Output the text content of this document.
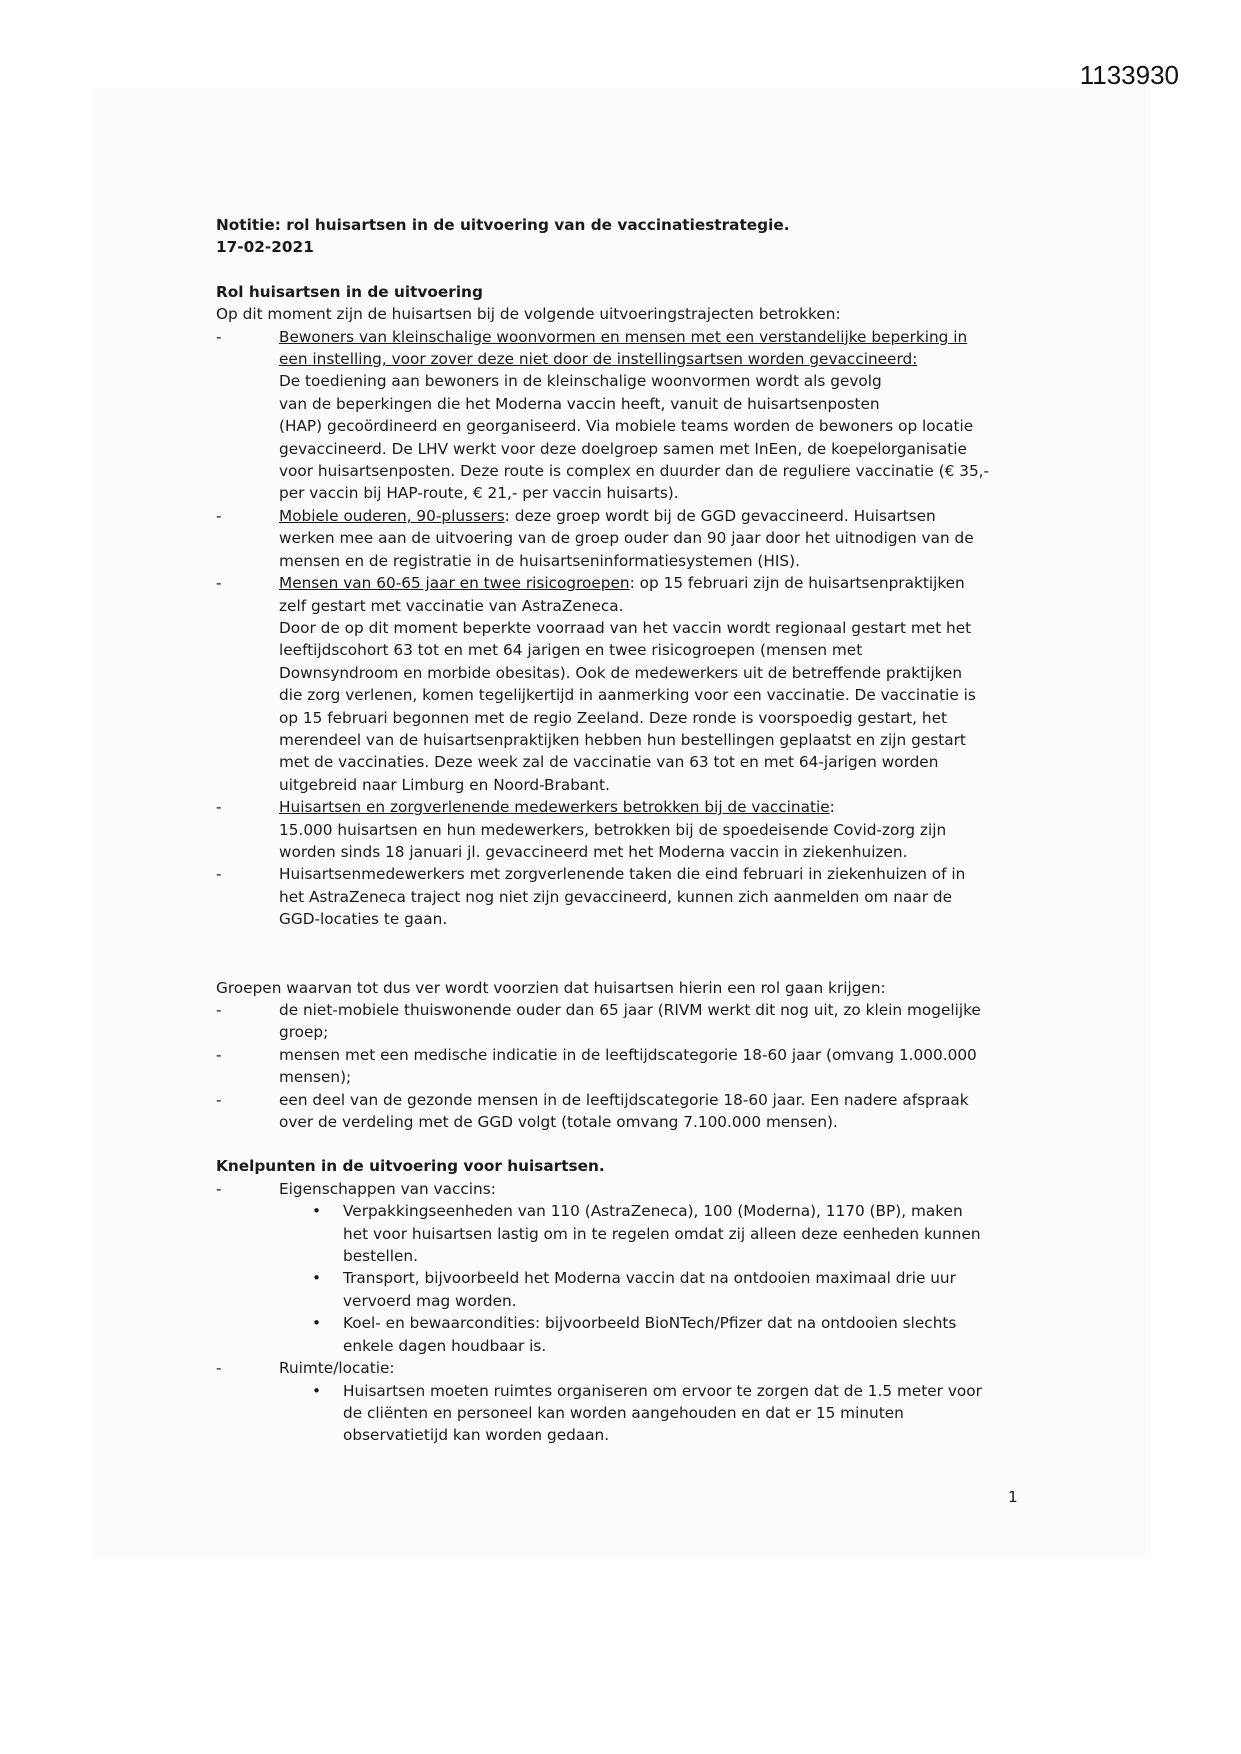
1133930
Notitie: rol huisartsen in de uitvoering van de vaccinatiestrategie.
17-02-2021
Rol huisartsen in de uitvoering
Op dit moment zijn de huisartsen bij de volgende uitvoeringstrajecten betrokken:
-	Bewoners van kleinschalige woonvormen en mensen met een verstandelijke beperking in
een instelling, voor zover deze niet door de instellingsartsen worden gevaccineerd:
De toediening aan bewoners in de kleinschalige woonvormen wordt als gevolg
van de beperkingen die het Moderna vaccin heeft, vanuit de huisartsenposten
(HAP) gecoördineerd en georganiseerd. Via mobiele teams worden de bewoners op locatie
gevaccineerd. De LHV werkt voor deze doelgroep samen met InEen, de koepelorganisatie
voor huisartsenposten. Deze route is complex en duurder dan de reguliere vaccinatie (€ 35,-
per vaccin bij HAP-route, € 21,- per vaccin huisarts).
-	Mobiele ouderen, 90-plussers: deze groep wordt bij de GGD gevaccineerd. Huisartsen
werken mee aan de uitvoering van de groep ouder dan 90 jaar door het uitnodigen van de
mensen en de registratie in de huisartseninformatiesystemen (HIS).
-	Mensen van 60-65 jaar en twee risicogroepen: op 15 februari zijn de huisartsenpraktijken
zelf gestart met vaccinatie van AstraZeneca.
Door de op dit moment beperkte voorraad van het vaccin wordt regionaal gestart met het
leeftijdscohort 63 tot en met 64 jarigen en twee risicogroepen (mensen met
Downsyndroom en morbide obesitas). Ook de medewerkers uit de betreffende praktijken
die zorg verlenen, komen tegelijkertijd in aanmerking voor een vaccinatie. De vaccinatie is
op 15 februari begonnen met de regio Zeeland. Deze ronde is voorspoedig gestart, het
merendeel van de huisartsenpraktijken hebben hun bestellingen geplaatst en zijn gestart
met de vaccinaties. Deze week zal de vaccinatie van 63 tot en met 64-jarigen worden
uitgebreid naar Limburg en Noord-Brabant.
-	Huisartsen en zorgverlenende medewerkers betrokken bij de vaccinatie:
15.000 huisartsen en hun medewerkers, betrokken bij de spoedeisende Covid-zorg zijn
worden sinds 18 januari jl. gevaccineerd met het Moderna vaccin in ziekenhuizen.
-	Huisartsenmedewerkers met zorgverlenende taken die eind februari in ziekenhuizen of in
het AstraZeneca traject nog niet zijn gevaccineerd, kunnen zich aanmelden om naar de
GGD-locaties te gaan.
Groepen waarvan tot dus ver wordt voorzien dat huisartsen hierin een rol gaan krijgen:
-	de niet-mobiele thuiswonende ouder dan 65 jaar (RIVM werkt dit nog uit, zo klein mogelijke
groep;
-	mensen met een medische indicatie in de leeftijdscategorie 18-60 jaar (omvang 1.000.000
mensen);
-	een deel van de gezonde mensen in de leeftijdscategorie 18-60 jaar. Een nadere afspraak
over de verdeling met de GGD volgt (totale omvang 7.100.000 mensen).
Knelpunten in de uitvoering voor huisartsen.
-	Eigenschappen van vaccins:
• Verpakkingseenheden van 110 (AstraZeneca), 100 (Moderna), 1170 (BP), maken
het voor huisartsen lastig om in te regelen omdat zij alleen deze eenheden kunnen
bestellen.
• Transport, bijvoorbeeld het Moderna vaccin dat na ontdooien maximaal drie uur
vervoerd mag worden.
• Koel- en bewaarcondities: bijvoorbeeld BioNTech/Pfizer dat na ontdooien slechts
enkele dagen houdbaar is.
-	Ruimte/locatie:
• Huisartsen moeten ruimtes organiseren om ervoor te zorgen dat de 1.5 meter voor
de cliënten en personeel kan worden aangehouden en dat er 15 minuten
observatietijd kan worden gedaan.
1
